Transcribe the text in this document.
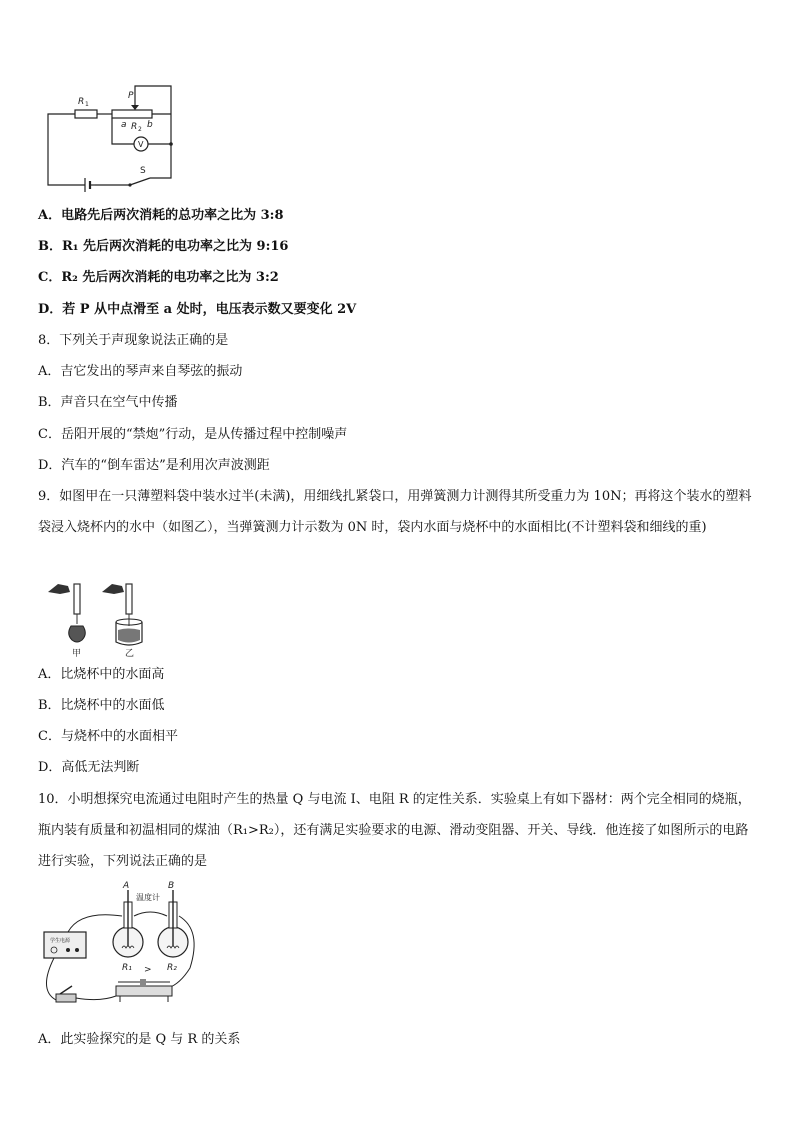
R 1
P
a R 2 b
V
S
A．电路先后两次消耗的总功率之比为 3:8
B．R₁ 先后两次消耗的电功率之比为 9:16
C．R₂ 先后两次消耗的电功率之比为 3:2
D．若 P 从中点滑至 a 处时，电压表示数又要变化 2V
8．下列关于声现象说法正确的是
A．吉它发出的琴声来自琴弦的振动
B．声音只在空气中传播
C．岳阳开展的“禁炮”行动，是从传播过程中控制噪声
D．汽车的“倒车雷达”是利用次声波测距
9．如图甲在一只薄塑料袋中装水过半(未满)，用细线扎紧袋口，用弹簧测力计测得其所受重力为 10N；再将这个装水的塑料袋浸入烧杯内的水中（如图乙），当弹簧测力计示数为 0N 时，袋内水面与烧杯中的水面相比(不计塑料袋和细线的重)
甲	乙
A．比烧杯中的水面高
B．比烧杯中的水面低
C．与烧杯中的水面相平
D．高低无法判断
10．小明想探究电流通过电阻时产生的热量 Q 与电流 I、电阻 R 的定性关系．实验桌上有如下器材：两个完全相同的烧瓶，瓶内装有质量和初温相同的煤油（R₁>R₂），还有满足实验要求的电源、滑动变阻器、开关、导线．他连接了如图所示的电路进行实验，下列说法正确的是
学生电源
A	B
温度计
R₁ > R₂
A．此实验探究的是 Q 与 R 的关系
